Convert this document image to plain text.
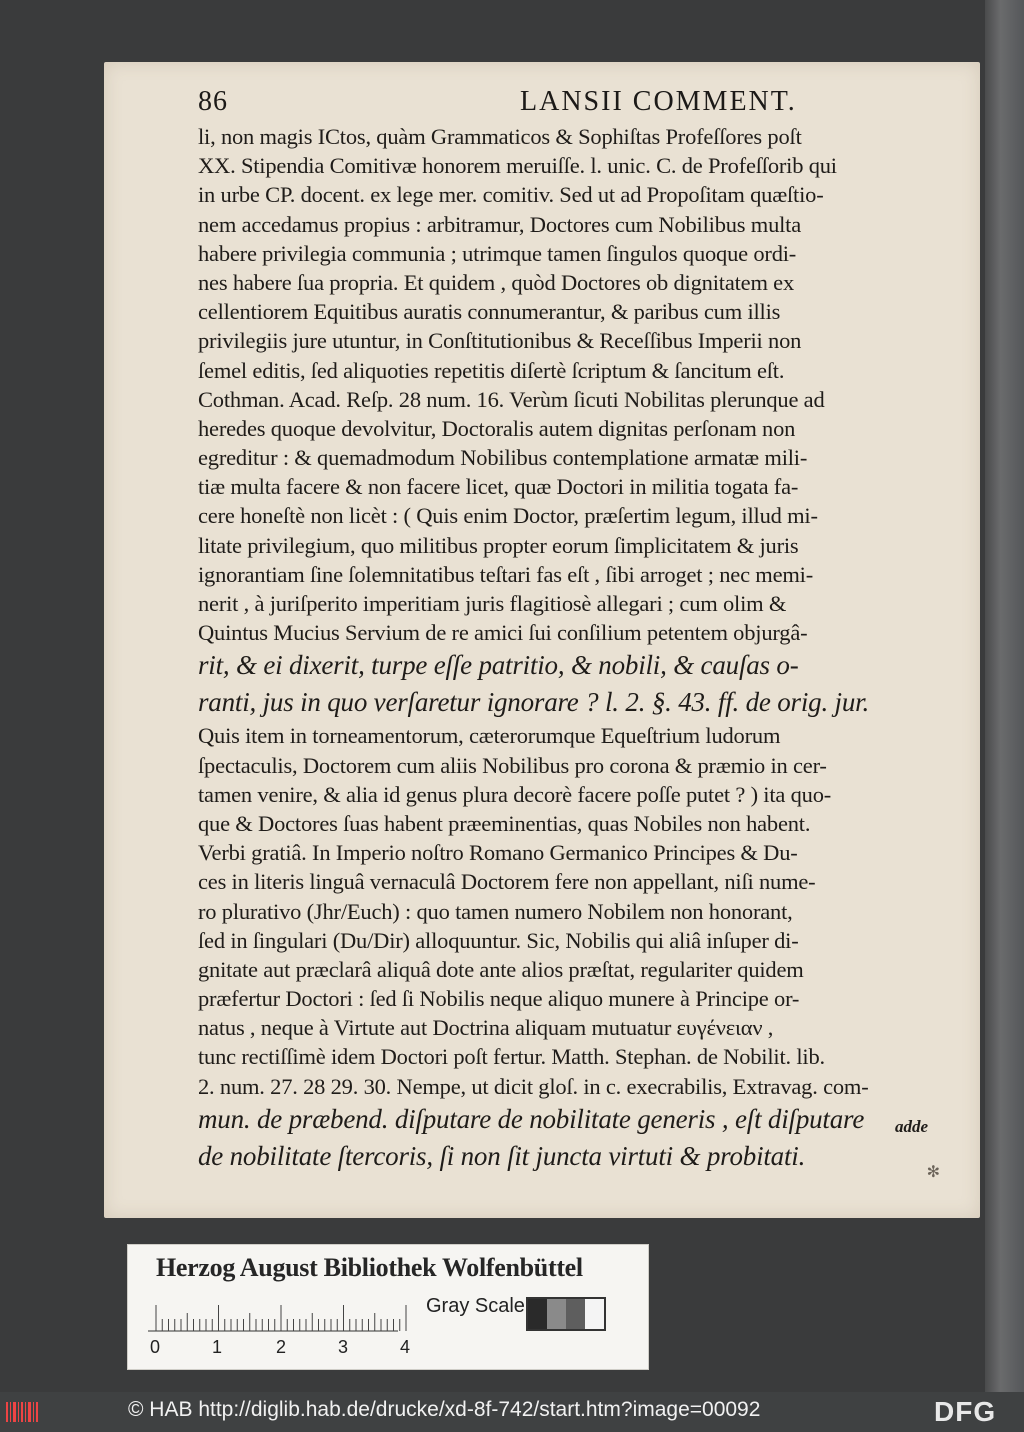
86	LANSII COMMENT.
li, non magis ICtos, quàm Grammaticos & Sophiſtas Profeſſores poſt
XX. Stipendia Comitivæ honorem meruiſſe. l. unic. C. de Profeſſorib qui
in urbe CP. docent. ex lege mer. comitiv. Sed ut ad Propoſitam quæſtio-
nem accedamus propius : arbitramur, Doctores cum Nobilibus multa
habere privilegia communia ; utrimque tamen ſingulos quoque ordi-
nes habere ſua propria. Et quidem , quòd Doctores ob dignitatem ex
cellentiorem Equitibus auratis connumerantur, & paribus cum illis
privilegiis jure utuntur, in Conſtitutionibus & Receſſibus Imperii non
ſemel editis, ſed aliquoties repetitis diſertè ſcriptum & ſancitum eſt.
Cothman. Acad. Reſp. 28 num. 16. Verùm ſicuti Nobilitas plerunque ad
heredes quoque devolvitur, Doctoralis autem dignitas perſonam non
egreditur : & quemadmodum Nobilibus contemplatione armatæ mili-
tiæ multa facere & non facere licet, quæ Doctori in militia togata fa-
cere honeſtè non licèt : ( Quis enim Doctor, præſertim legum, illud mi-
litate privilegium, quo militibus propter eorum ſimplicitatem & juris
ignorantiam ſine ſolemnitatibus teſtari fas eſt , ſibi arroget ; nec memi-
nerit , à juriſperito imperitiam juris flagitiosè allegari ; cum olim &
Quintus Mucius Servium de re amici ſui conſilium petentem objurgâ-
rit, & ei dixerit, turpe eſſe patritio, & nobili, & cauſas o-
ranti, jus in quo verſaretur ignorare ? l. 2. §. 43. ff. de orig. jur.
Quis item in torneamentorum, cæterorumque Equeſtrium ludorum
ſpectaculis, Doctorem cum aliis Nobilibus pro corona & præmio in cer-
tamen venire, & alia id genus plura decorè facere poſſe putet ? ) ita quo-
que & Doctores ſuas habent præeminentias, quas Nobiles non habent.
Verbi gratiâ. In Imperio noſtro Romano Germanico Principes & Du-
ces in literis linguâ vernaculâ Doctorem fere non appellant, niſi nume-
ro plurativo (Jhr/Euch) : quo tamen numero Nobilem non honorant,
ſed in ſingulari (Du/Dir) alloquuntur. Sic, Nobilis qui aliâ inſuper di-
gnitate aut præclarâ aliquâ dote ante alios præſtat, regulariter quidem
præfertur Doctori : ſed ſi Nobilis neque aliquo munere à Principe or-
natus , neque à Virtute aut Doctrina aliquam mutuatur ευγένειαν ,
tunc rectiſſimè idem Doctori poſt fertur. Matth. Stephan. de Nobilit. lib.
2. num. 27. 28 29. 30. Nempe, ut dicit gloſ. in c. execrabilis, Extravag. com-
mun. de præbend. diſputare de nobilitate generis , eſt diſputare
de nobilitate ſtercoris, ſi non ſit juncta virtuti & probitati.
adde
✻
Herzog August Bibliothek Wolfenbüttel
0	1	2	3	4
Gray Scale
© HAB http://diglib.hab.de/drucke/xd-8f-742/start.htm?image=00092	DFG
